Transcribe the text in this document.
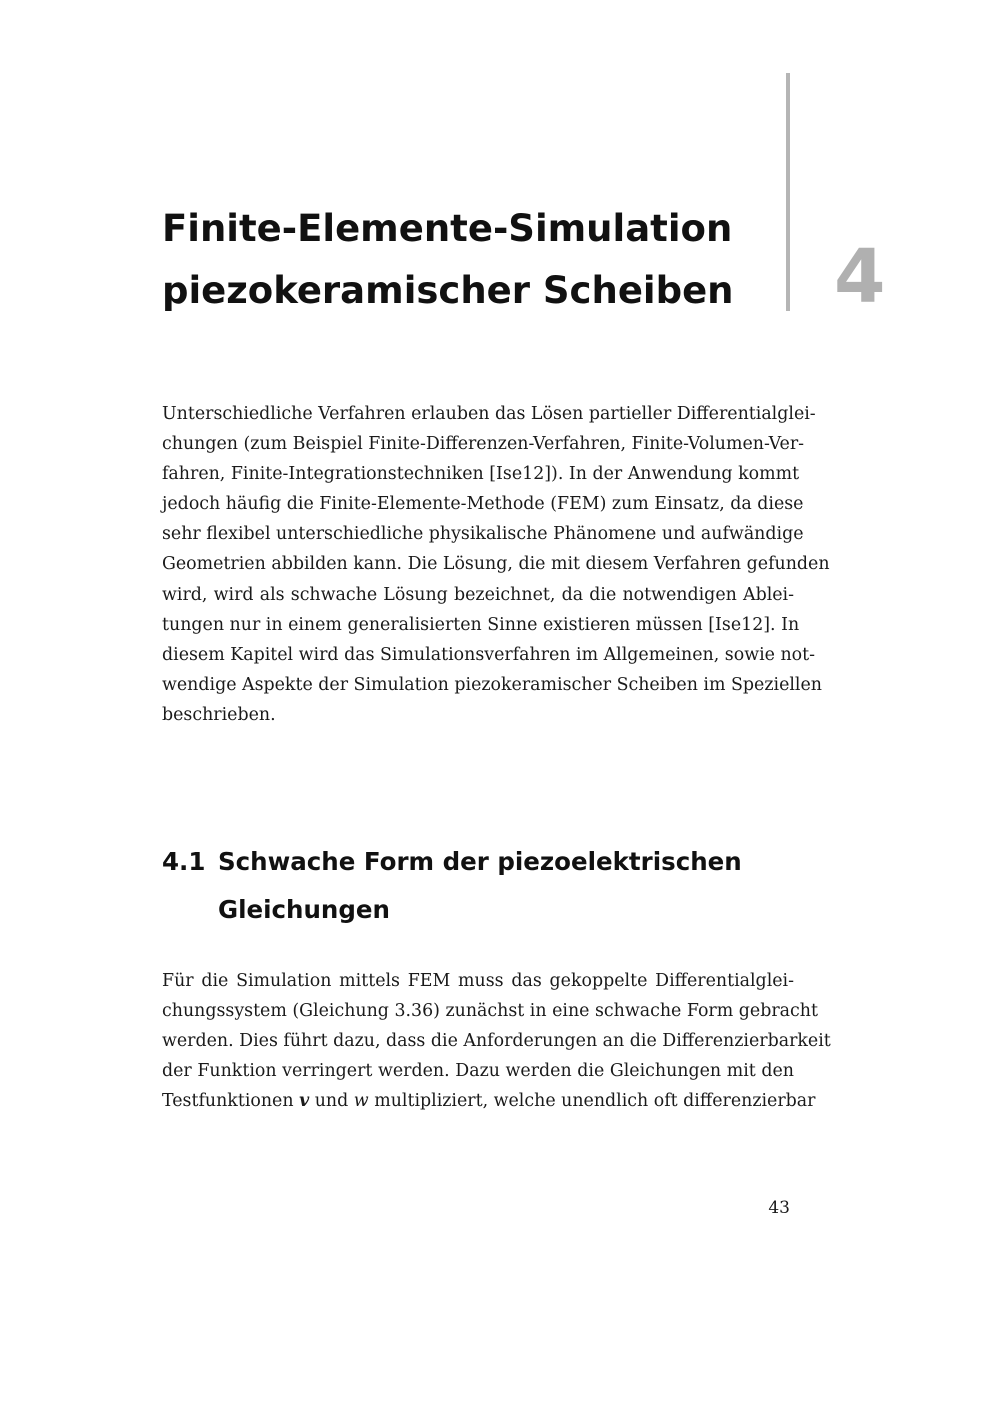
Finite-Elemente-Simulation
piezokeramischer Scheiben	4
Unterschiedliche Verfahren erlauben das Lösen partieller Differentialglei-
chungen (zum Beispiel Finite-Differenzen-Verfahren, Finite-Volumen-Ver-
fahren, Finite-Integrationstechniken [Ise12]). In der Anwendung kommt
jedoch häufig die Finite-Elemente-Methode (FEM) zum Einsatz, da diese
sehr flexibel unterschiedliche physikalische Phänomene und aufwändige
Geometrien abbilden kann. Die Lösung, die mit diesem Verfahren gefunden
wird, wird als schwache Lösung bezeichnet, da die notwendigen Ablei-
tungen nur in einem generalisierten Sinne existieren müssen [Ise12]. In
diesem Kapitel wird das Simulationsverfahren im Allgemeinen, sowie not-
wendige Aspekte der Simulation piezokeramischer Scheiben im Speziellen
beschrieben.
4.1 Schwache Form der piezoelektrischen
Gleichungen
Für die Simulation mittels FEM muss das gekoppelte Differentialglei-
chungssystem (Gleichung 3.36) zunächst in eine schwache Form gebracht
werden. Dies führt dazu, dass die Anforderungen an die Differenzierbarkeit
der Funktion verringert werden. Dazu werden die Gleichungen mit den
Testfunktionen v und w multipliziert, welche unendlich oft differenzierbar
43
